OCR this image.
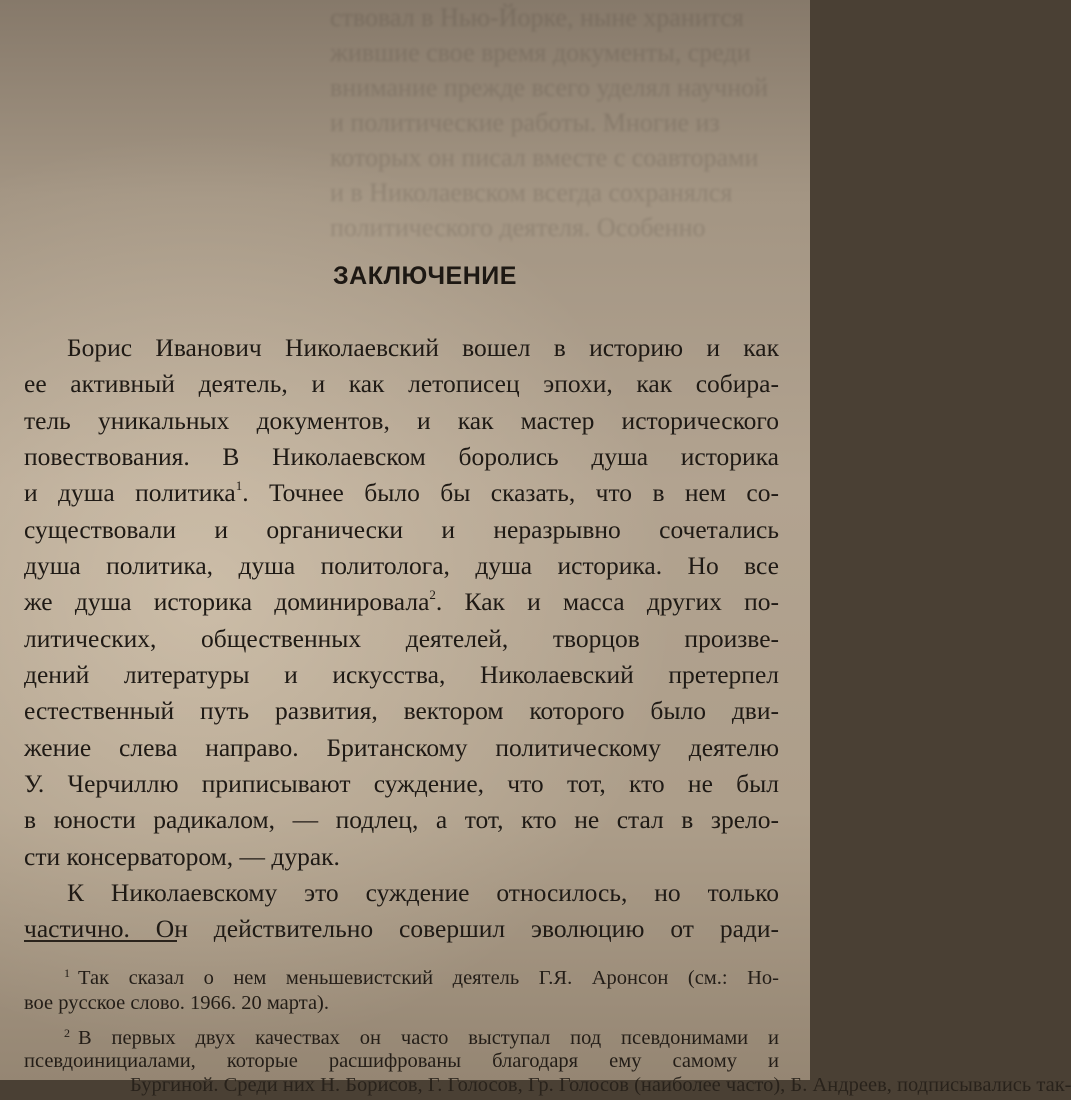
ствовал в Нью-Йорке, ныне хранится
жившие свое время документы, среди
внимание прежде всего уделял научной
и политические работы. Многие из
которых он писал вместе с соавторами
и в Николаевском всегда сохранялся
политического деятеля. Особенно
ЗАКЛЮЧЕНИЕ
Борис Иванович Николаевский вошел в историю и как
ее активный деятель, и как летописец эпохи, как собира-
тель уникальных документов, и как мастер исторического
повествования. В Николаевском боролись душа историка
и душа политика$^1$. Точнее было бы сказать, что в нем со-
существовали и органически и неразрывно сочетались
душа политика, душа политолога, душа историка. Но все
же душа историка доминировала$^2$. Как и масса других по-
литических, общественных деятелей, творцов произве-
дений литературы и искусства, Николаевский претерпел
естественный путь развития, вектором которого было дви-
жение слева направо. Британскому политическому деятелю
У. Черчиллю приписывают суждение, что тот, кто не был
в юности радикалом, — подлец, а тот, кто не стал в зрело-
сти консерватором, — дурак.
К Николаевскому это суждение относилось, но только
частично. Он действительно совершил эволюцию от ради-
$^1$ Так сказал о нем меньшевистский деятель Г.Я. Аронсон (см.: Но-
вое русское слово. 1966. 20 марта).
$^2$ В первых двух качествах он часто выступал под псевдонимами и
псевдоинициалами, которые расшифрованы благодаря ему самому и
Бургиной. Среди них Н. Борисов, Г. Голосов, Гр. Голосов (наиболее часто), Б. Андреев, подписывались так-
